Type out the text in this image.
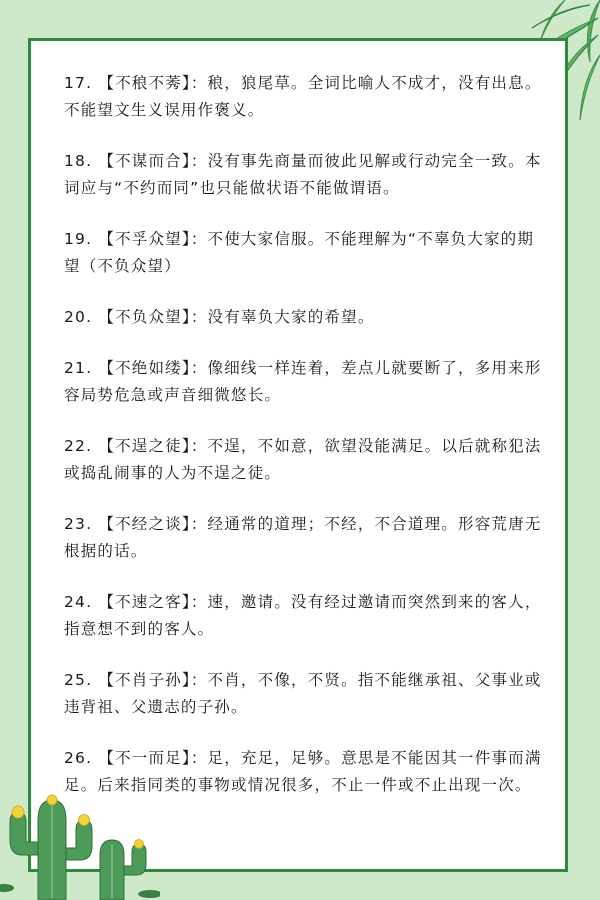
17. 【不稂不莠】：稂，狼尾草。全词比喻人不成才，没有出息。不能望文生义误用作褒义。

18. 【不谋而合】：没有事先商量而彼此见解或行动完全一致。本词应与“不约而同”也只能做状语不能做谓语。

19. 【不孚众望】：不使大家信服。不能理解为“不辜负大家的期望（不负众望）

20. 【不负众望】：没有辜负大家的希望。

21. 【不绝如缕】：像细线一样连着，差点儿就要断了，多用来形容局势危急或声音细微悠长。

22. 【不逞之徒】：不逞，不如意，欲望没能满足。以后就称犯法或捣乱闹事的人为不逞之徒。

23. 【不经之谈】：经通常的道理；不经，不合道理。形容荒唐无根据的话。

24. 【不速之客】：速，邀请。没有经过邀请而突然到来的客人，指意想不到的客人。

25. 【不肖子孙】：不肖，不像，不贤。指不能继承祖、父事业或违背祖、父遗志的子孙。

26. 【不一而足】：足，充足，足够。意思是不能因其一件事而满足。后来指同类的事物或情况很多，不止一件或不止出现一次。
